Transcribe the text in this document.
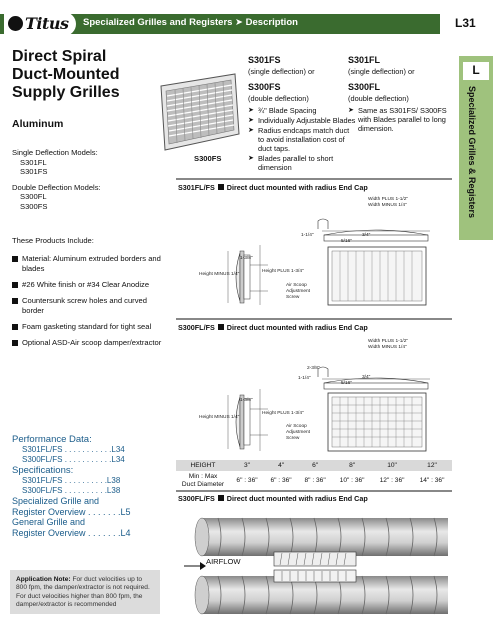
Titus Specialized Grilles and Registers ➤ Description	L31
L
Specialized Grilles & Registers
Direct Spiral
Duct-Mounted
Supply Grilles
Aluminum
Single Deflection Models:
S301FL
S301FS
Double Deflection Models:
S300FL
S300FS
These Products Include:
Material: Aluminum extruded borders and blades
#26 White finish or #34 Clear Anodize
Countersunk screw holes and curved border
Foam gasketing standard for tight seal
Optional ASD-Air scoop damper/extractor
Performance Data:
S301FL/FS . . . . . . . . . . .L34
S300FL/FS . . . . . . . . . . .L34
Specifications:
S301FL/FS . . . . . . . . . .L38
S300FL/FS . . . . . . . . . .L38
Specialized Grille and
Register Overview . . . . . . .L5
General Grille and
Register Overview . . . . . . .L4
Application Note: For duct velocities up to 800 fpm, the damper/extractor is not required. For duct velocities higher than 800 fpm, the damper/extractor is recommended
S300FS
S301FS
(single deflection) or
S300FS
(double deflection)
➤ ¾" Blade Spacing
➤ Individually Adjustable Blades
➤ Radius endcaps match duct to avoid installation cost of duct taps.
➤ Blades parallel to short dimension
S301FL
(single deflection) or
S300FL
(double deflection)
➤ Same as S301FS/ S300FS with Blades parallel to long dimension.
S301FL/FS Direct duct mounted with radius End Cap
Width PLUS 1-1/2"
Width MINUS 1/4"
1-1/4"	3/4"
5/16"
1-3/8"
Height MINUS 1/4"
Height PLUS 1-3/4"
Air Scoop Adjustment Screw
S300FL/FS Direct duct mounted with radius End Cap
Width PLUS 1-1/2"
Width MINUS 1/4"
2-3/8"
1-1/4"	3/4"
5/16"
1-3/8"
Height MINUS 1/4"
Height PLUS 1-3/4"
Air Scoop Adjustment Screw
HEIGHT	3"	4"	6"	8"	10"	12"

Min : Max
Duct Diameter	6" : 36"	6" : 36"	8" : 36"	10" : 36"	12" : 36"	14" : 36"
S300FL/FS Direct duct mounted with radius End Cap
AIRFLOW
